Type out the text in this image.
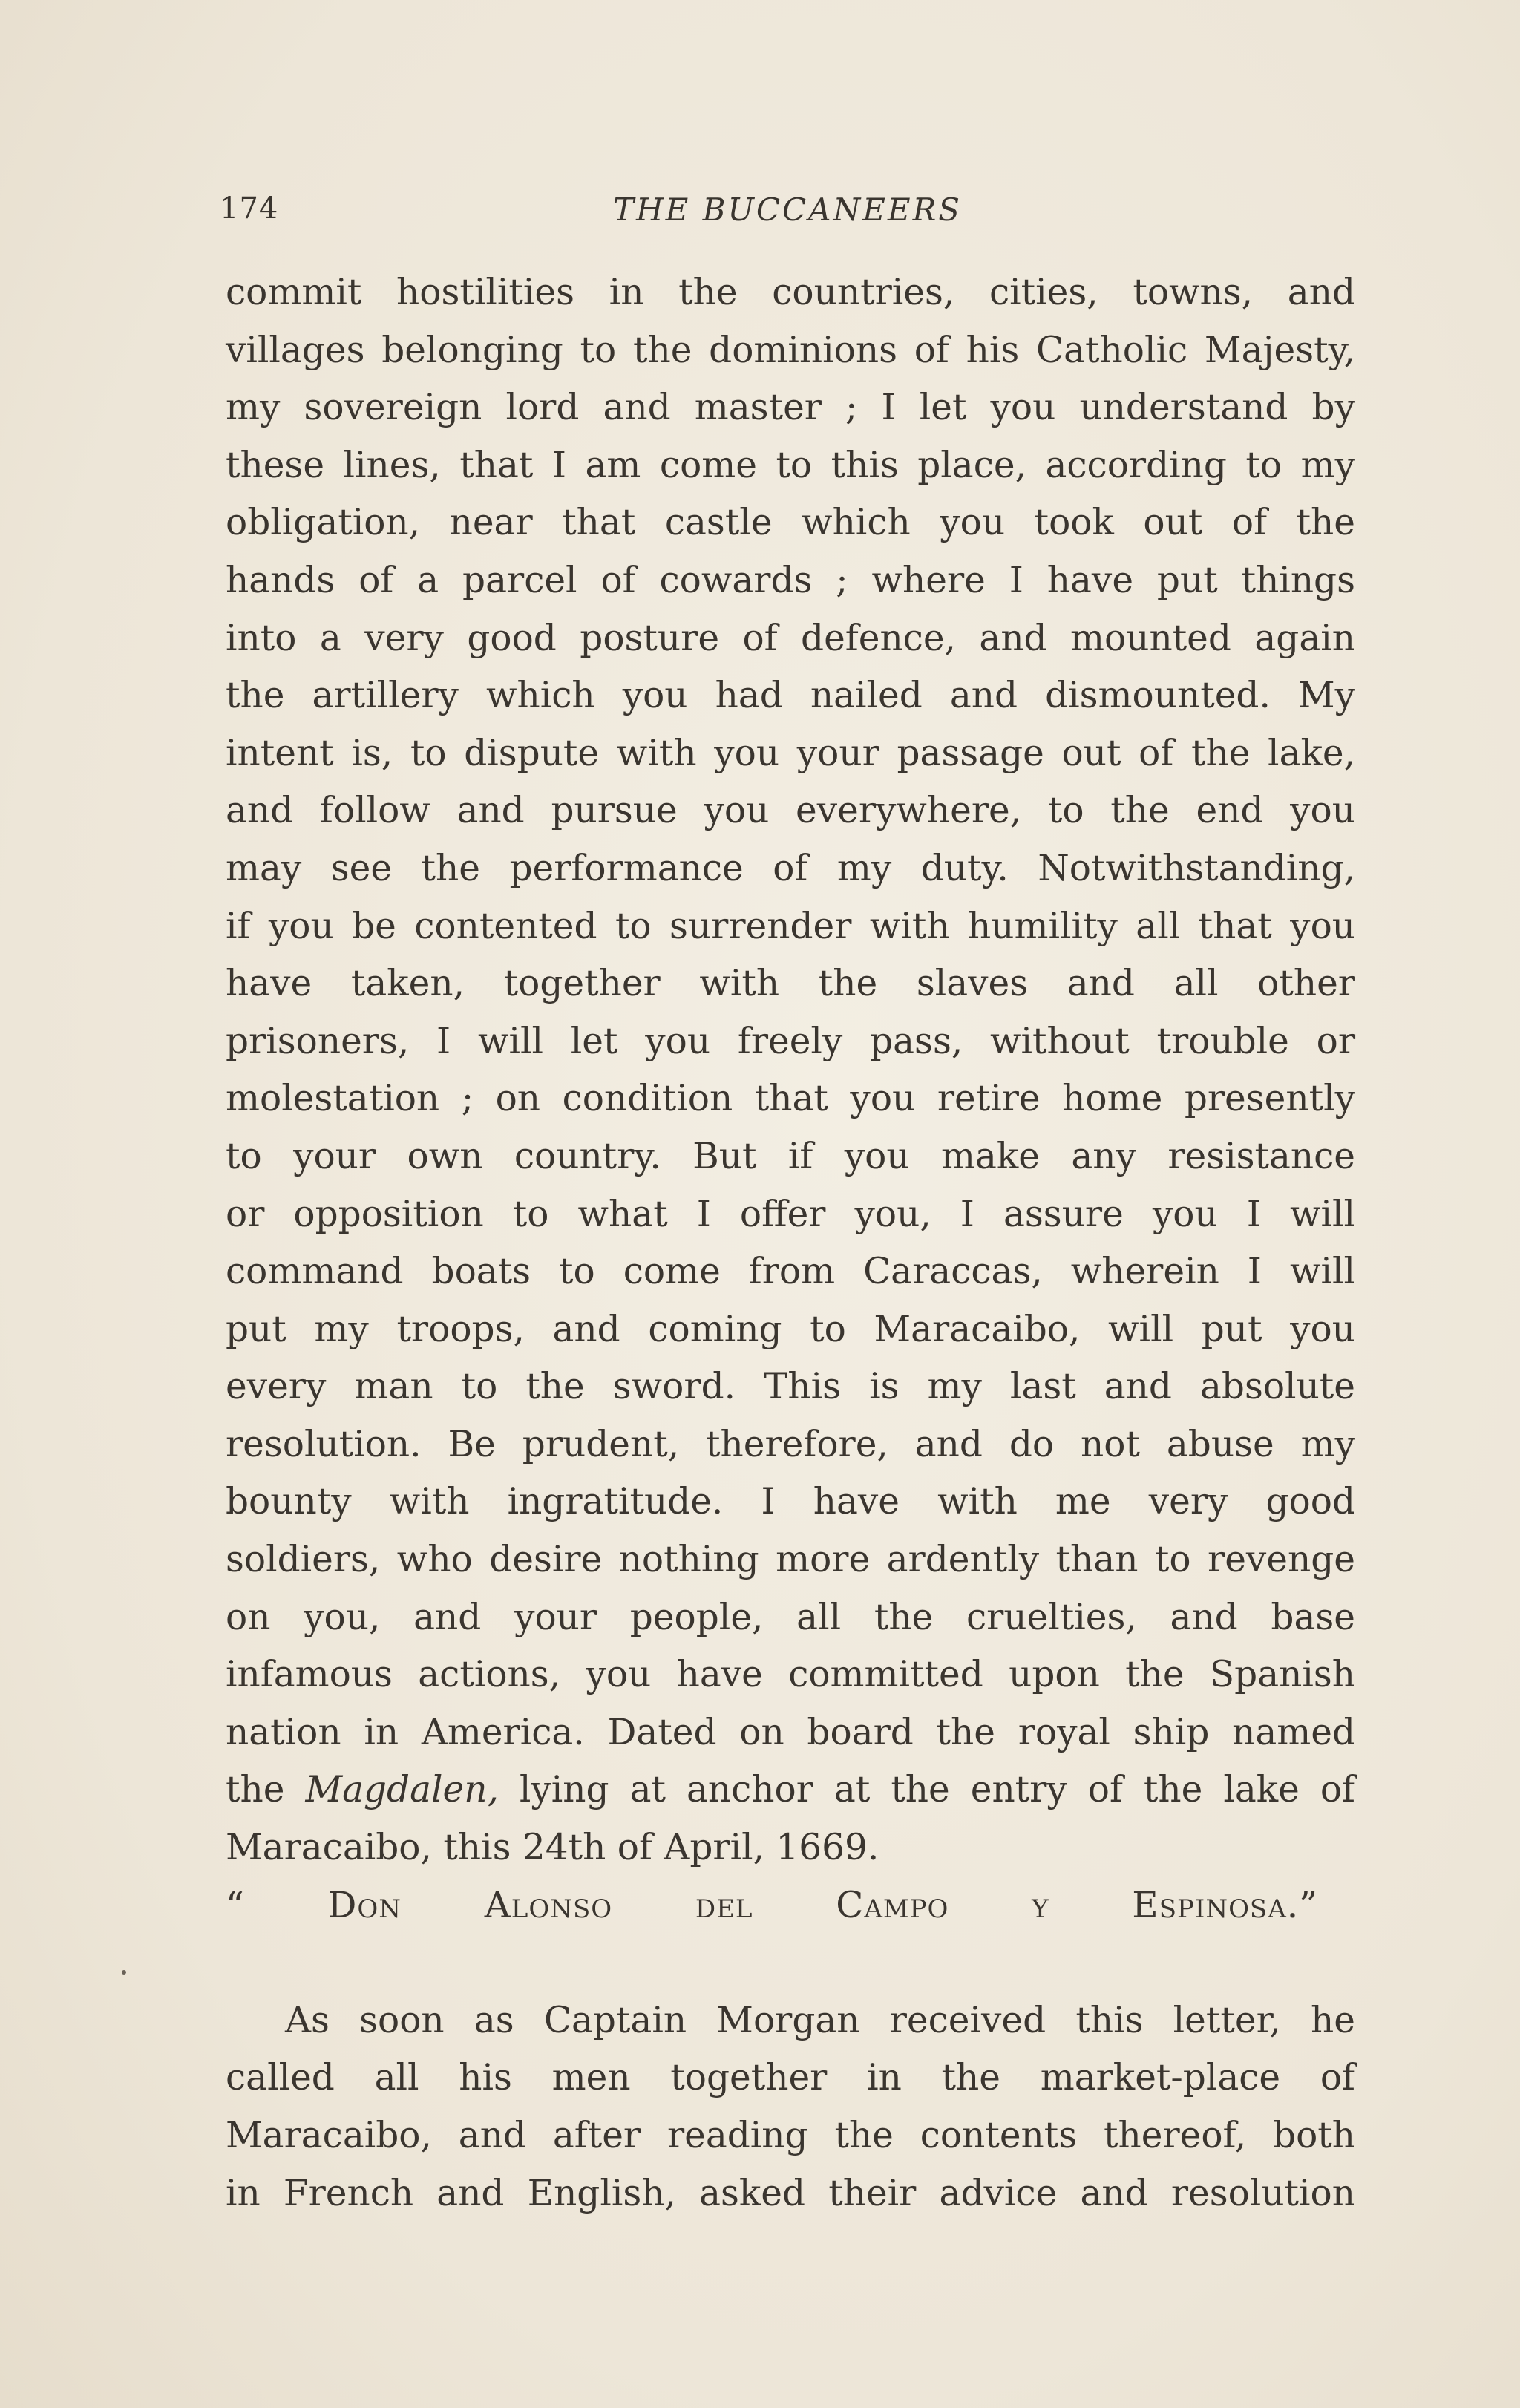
174	THE BUCCANEERS
commit hostilities in the countries, cities, towns, and
villages belonging to the dominions of his Catholic Majesty,
my sovereign lord and master ; I let you understand by
these lines, that I am come to this place, according to my
obligation, near that castle which you took out of the
hands of a parcel of cowards ; where I have put things
into a very good posture of defence, and mounted again
the artillery which you had nailed and dismounted. My
intent is, to dispute with you your passage out of the lake,
and follow and pursue you everywhere, to the end you
may see the performance of my duty. Notwithstanding,
if you be contented to surrender with humility all that you
have taken, together with the slaves and all other
prisoners, I will let you freely pass, without trouble or
molestation ; on condition that you retire home presently
to your own country. But if you make any resistance
or opposition to what I offer you, I assure you I will
command boats to come from Caraccas, wherein I will
put my troops, and coming to Maracaibo, will put you
every man to the sword. This is my last and absolute
resolution. Be prudent, therefore, and do not abuse my
bounty with ingratitude. I have with me very good
soldiers, who desire nothing more ardently than to revenge
on you, and your people, all the cruelties, and base
infamous actions, you have committed upon the Spanish
nation in America. Dated on board the royal ship named
the Magdalen, lying at anchor at the entry of the lake of
Maracaibo, this 24th of April, 1669.
“ Don Alonso del Campo y Espinosa.”
As soon as Captain Morgan received this letter, he
called all his men together in the market-place of
Maracaibo, and after reading the contents thereof, both
in French and English, asked their advice and resolution
